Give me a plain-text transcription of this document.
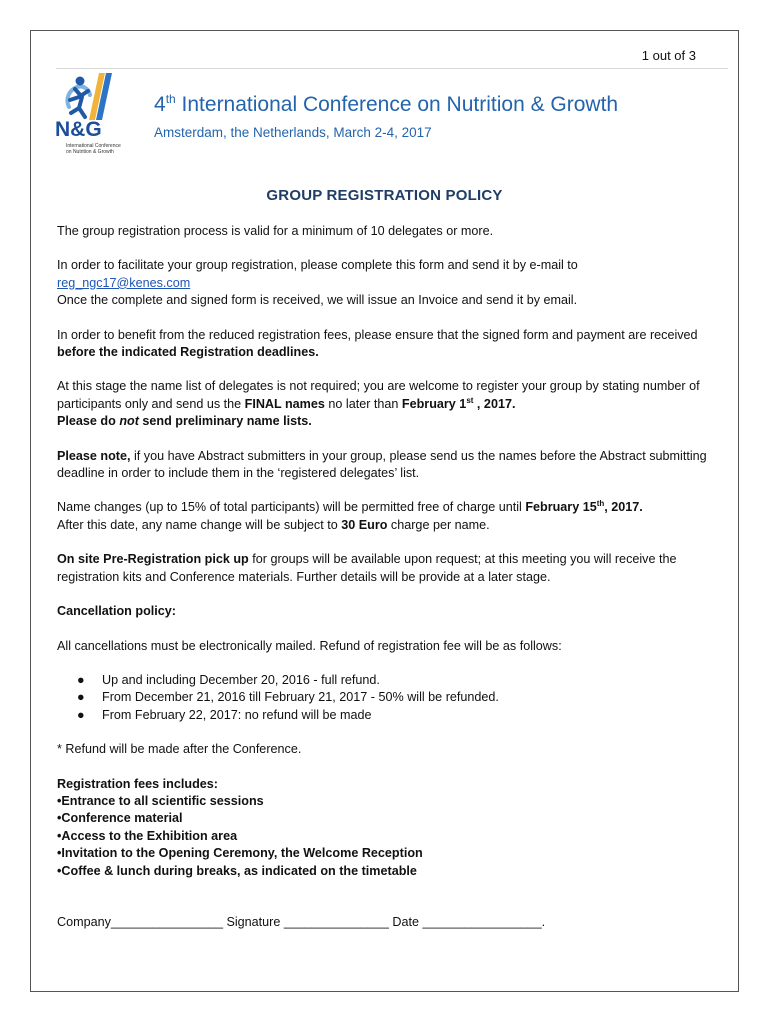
1 out of 3
N&G
International Conference
on Nutrition & Growth
4th International Conference on Nutrition & Growth
Amsterdam, the Netherlands, March 2-4, 2017
GROUP REGISTRATION POLICY

The group registration process is valid for a minimum of 10 delegates or more.

In order to facilitate your group registration, please complete this form and send it by e-mail to
reg_ngc17@kenes.com
Once the complete and signed form is received, we will issue an Invoice and send it by email.

In order to benefit from the reduced registration fees, please ensure that the signed form and payment are received before the indicated Registration deadlines.

At this stage the name list of delegates is not required; you are welcome to register your group by stating number of participants only and send us the FINAL names no later than February 1st , 2017.
Please do not send preliminary name lists.

Please note, if you have Abstract submitters in your group, please send us the names before the Abstract submitting deadline in order to include them in the ‘registered delegates’ list.

Name changes (up to 15% of total participants) will be permitted free of charge until February 15th, 2017.
After this date, any name change will be subject to 30 Euro charge per name.

On site Pre-Registration pick up for groups will be available upon request; at this meeting you will receive the registration kits and Conference materials. Further details will be provide at a later stage.

Cancellation policy:

All cancellations must be electronically mailed. Refund of registration fee will be as follows:

● Up and including December 20, 2016 - full refund.
● From December 21, 2016 till February 21, 2017 - 50% will be refunded.
● From February 22, 2017: no refund will be made

* Refund will be made after the Conference.

Registration fees includes:
•Entrance to all scientific sessions
•Conference material
•Access to the Exhibition area
•Invitation to the Opening Ceremony, the Welcome Reception
•Coffee & lunch during breaks, as indicated on the timetable
Company________________ Signature _______________ Date _________________.
